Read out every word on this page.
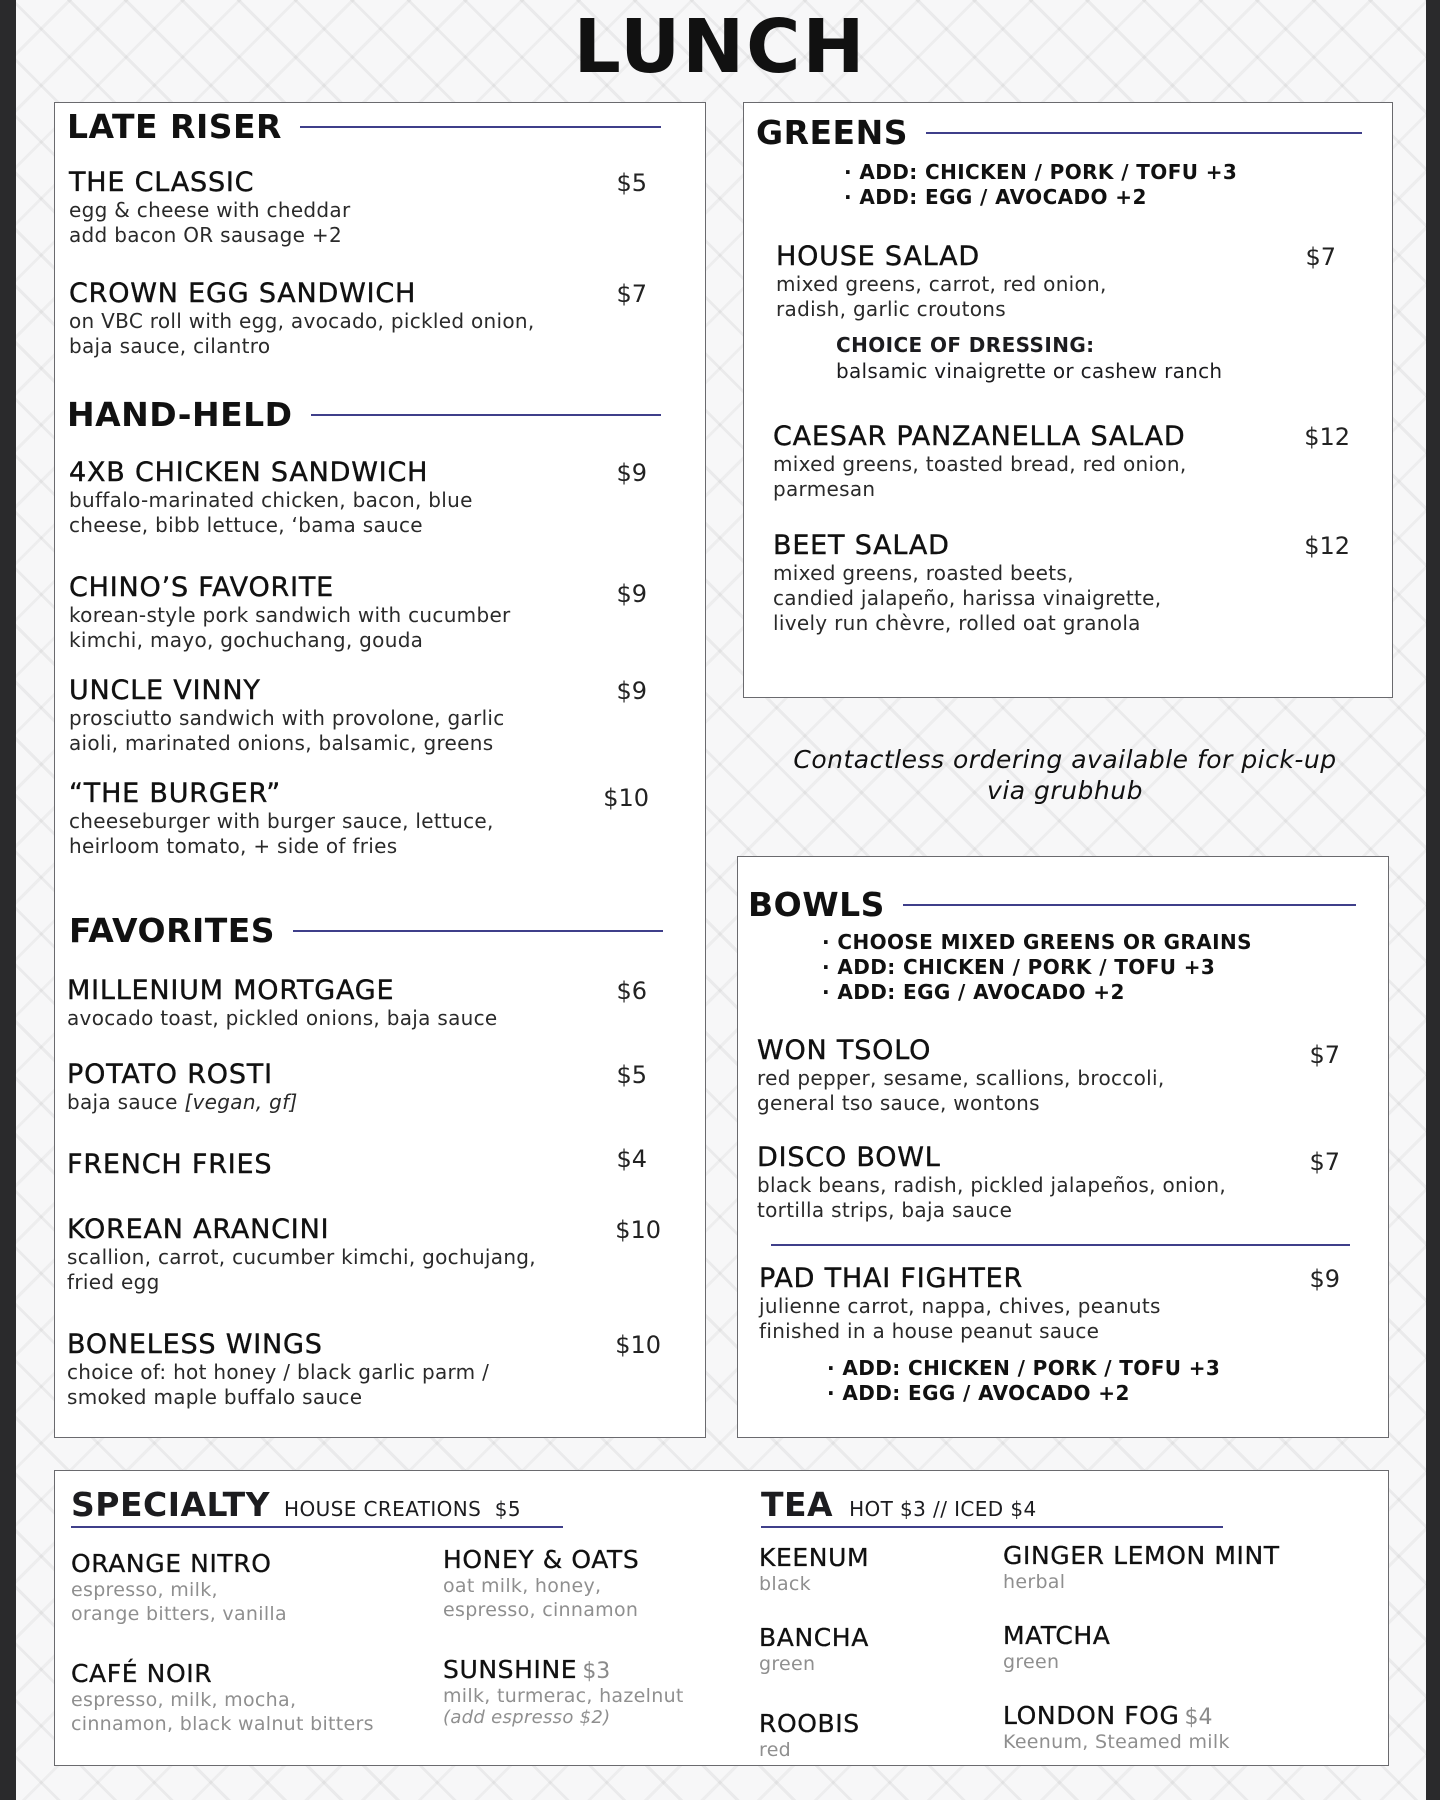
LUNCH
LATE RISER
THE CLASSIC	$5
egg & cheese with cheddar
add bacon OR sausage +2
CROWN EGG SANDWICH	$7
on VBC roll with egg, avocado, pickled onion,
baja sauce, cilantro
HAND-HELD
4XB CHICKEN SANDWICH	$9
buffalo-marinated chicken, bacon, blue
cheese, bibb lettuce, ‘bama sauce
CHINO’S FAVORITE	$9
korean-style pork sandwich with cucumber
kimchi, mayo, gochuchang, gouda
UNCLE VINNY	$9
prosciutto sandwich with provolone, garlic
aioli, marinated onions, balsamic, greens
“THE BURGER”	$10
cheeseburger with burger sauce, lettuce,
heirloom tomato, + side of fries
FAVORITES
MILLENIUM MORTGAGE	$6
avocado toast, pickled onions, baja sauce
POTATO ROSTI	$5
baja sauce [vegan, gf]
FRENCH FRIES	$4
KOREAN ARANCINI	$10
scallion, carrot, cucumber kimchi, gochujang,
fried egg
BONELESS WINGS	$10
choice of: hot honey / black garlic parm /
smoked maple buffalo sauce
GREENS
· ADD: CHICKEN / PORK / TOFU +3
· ADD: EGG / AVOCADO +2
HOUSE SALAD	$7
mixed greens, carrot, red onion,
radish, garlic croutons
CHOICE OF DRESSING:
balsamic vinaigrette or cashew ranch
CAESAR PANZANELLA SALAD	$12
mixed greens, toasted bread, red onion,
parmesan
BEET SALAD	$12
mixed greens, roasted beets,
candied jalapeño, harissa vinaigrette,
lively run chèvre, rolled oat granola
Contactless ordering available for pick-up
via grubhub
BOWLS
· CHOOSE MIXED GREENS OR GRAINS
· ADD: CHICKEN / PORK / TOFU +3
· ADD: EGG / AVOCADO +2
WON TSOLO	$7
red pepper, sesame, scallions, broccoli,
general tso sauce, wontons
DISCO BOWL	$7
black beans, radish, pickled jalapeños, onion,
tortilla strips, baja sauce
PAD THAI FIGHTER	$9
julienne carrot, nappa, chives, peanuts
finished in a house peanut sauce
· ADD: CHICKEN / PORK / TOFU +3
· ADD: EGG / AVOCADO +2
SPECIALTY HOUSE CREATIONS  $5
ORANGE NITRO
espresso, milk,
orange bitters, vanilla
HONEY & OATS
oat milk, honey,
espresso, cinnamon
CAFÉ NOIR
espresso, milk, mocha,
cinnamon, black walnut bitters
SUNSHINE $3
milk, turmerac, hazelnut
(add espresso $2)
TEA HOT $3 // ICED $4
KEENUM
black
GINGER LEMON MINT
herbal
BANCHA
green
MATCHA
green
ROOBIS
red
LONDON FOG $4
Keenum, Steamed milk
